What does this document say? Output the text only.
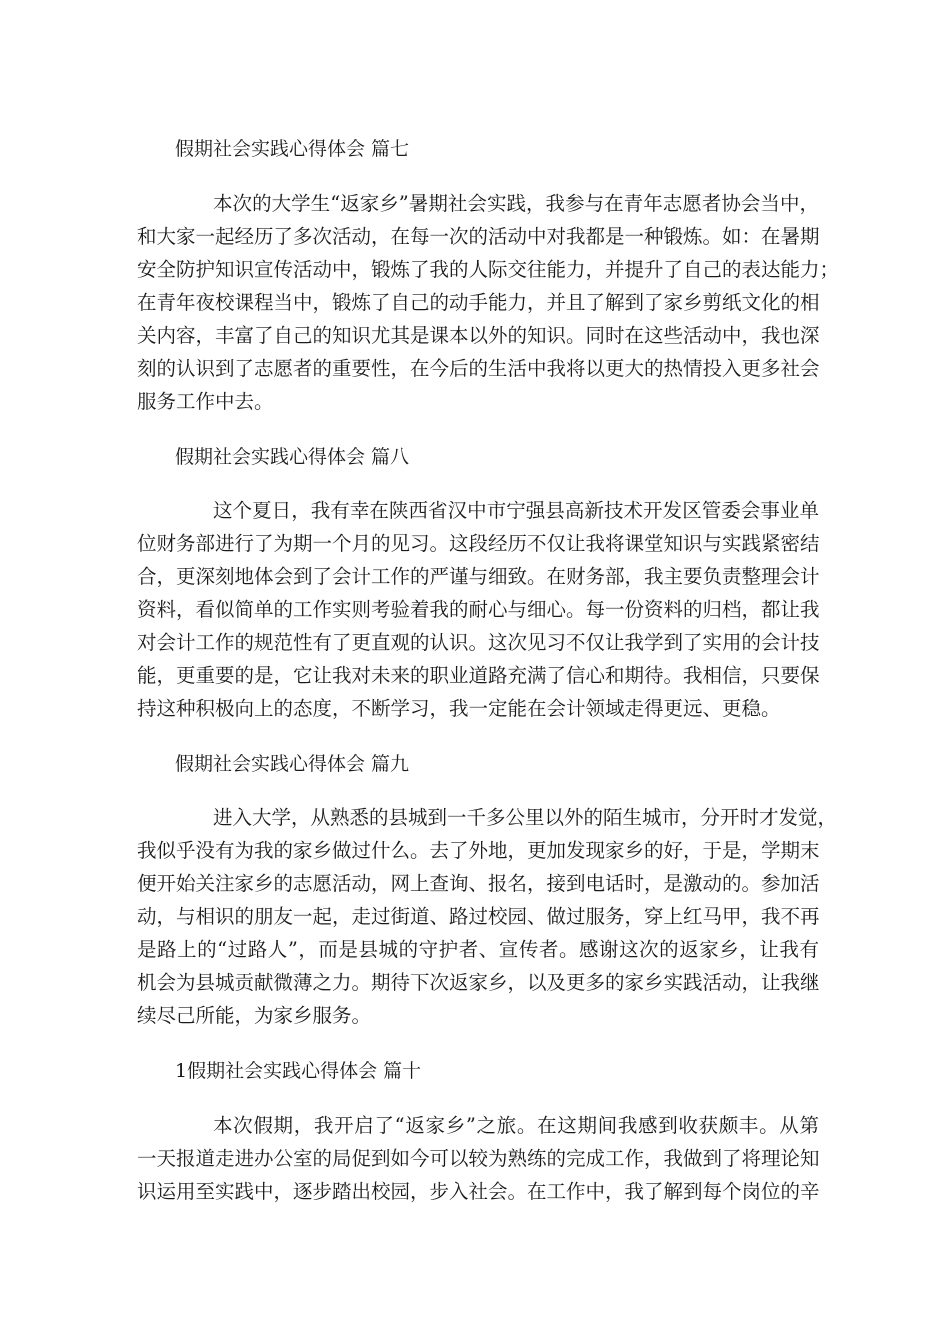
假期社会实践心得体会 篇七
本次的大学生“返家乡”暑期社会实践，我参与在青年志愿者协会当中，
和大家一起经历了多次活动，在每一次的活动中对我都是一种锻炼。如：在暑期
安全防护知识宣传活动中，锻炼了我的人际交往能力，并提升了自己的表达能力；
在青年夜校课程当中，锻炼了自己的动手能力，并且了解到了家乡剪纸文化的相
关内容，丰富了自己的知识尤其是课本以外的知识。同时在这些活动中，我也深
刻的认识到了志愿者的重要性，在今后的生活中我将以更大的热情投入更多社会
服务工作中去。
假期社会实践心得体会 篇八
这个夏日，我有幸在陕西省汉中市宁强县高新技术开发区管委会事业单
位财务部进行了为期一个月的见习。这段经历不仅让我将课堂知识与实践紧密结
合，更深刻地体会到了会计工作的严谨与细致。在财务部，我主要负责整理会计
资料，看似简单的工作实则考验着我的耐心与细心。每一份资料的归档，都让我
对会计工作的规范性有了更直观的认识。这次见习不仅让我学到了实用的会计技
能，更重要的是，它让我对未来的职业道路充满了信心和期待。我相信，只要保
持这种积极向上的态度，不断学习，我一定能在会计领域走得更远、更稳。
假期社会实践心得体会 篇九
进入大学，从熟悉的县城到一千多公里以外的陌生城市，分开时才发觉，
我似乎没有为我的家乡做过什么。去了外地，更加发现家乡的好，于是，学期末
便开始关注家乡的志愿活动，网上查询、报名，接到电话时，是激动的。参加活
动，与相识的朋友一起，走过街道、路过校园、做过服务，穿上红马甲，我不再
是路上的“过路人”，而是县城的守护者、宣传者。感谢这次的返家乡，让我有
机会为县城贡献微薄之力。期待下次返家乡，以及更多的家乡实践活动，让我继
续尽己所能，为家乡服务。
1假期社会实践心得体会 篇十
本次假期，我开启了“返家乡”之旅。在这期间我感到收获颇丰。从第
一天报道走进办公室的局促到如今可以较为熟练的完成工作，我做到了将理论知
识运用至实践中，逐步踏出校园，步入社会。在工作中，我了解到每个岗位的辛
